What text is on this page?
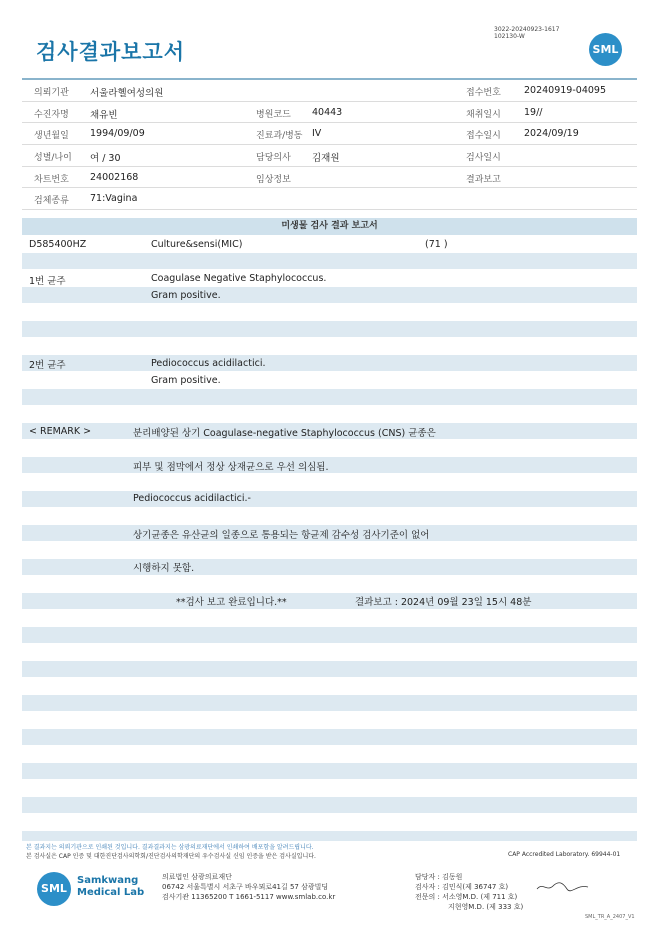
검사결과보고서
3022-20240923-1617
102130-W
SML
의뢰기관 서울라헬여성의원	접수번호 20240919-04095
수진자명 채유빈	병원코드 40443	채취일시 19//
생년월일 1994/09/09	진료과/병동 IV	접수일시 2024/09/19
성별/나이 여 / 30	담당의사 김재원	검사일시
차트번호 24002168	임상정보	결과보고
검체종류 71:Vagina
미생물 검사 결과 보고서
D585400HZ	Culture&sensi(MIC)	(71 )
1번 균주	Coagulase Negative Staphylococcus.
Gram positive.
2번 균주	Pediococcus acidilactici.
Gram positive.
< REMARK >	분리배양된 상기 Coagulase-negative Staphylococcus (CNS) 균종은
피부 및 점막에서 정상 상재균으로 우선 의심됨.
Pediococcus acidilactici.-
상기균종은 유산균의 일종으로 통용되는 항균제 감수성 검사기준이 없어
시행하지 못함.
**검사 보고 완료입니다.**	결과보고 : 2024년 09월 23일 15시 48분
본 결과지는 의뢰기관으로 인쇄된 것입니다. 결과결과지는 삼광의료재단에서 인쇄하여 배포함을 알려드립니다.
본 검사실은 CAP 인증 및 대한진단검사의학회/진단검사의학재단의 우수검사실 신임 인증을 받은 검사실입니다.	CAP Accredited Laboratory. 69944-01
SML
Samkwang
Medical Lab
의료법인 삼광의료재단
06742 서울특별시 서초구 바우뫼로41길 57 삼광빌딩
검사기관 11365200 T 1661-5117 www.smlab.co.kr
담당자 : 김동원
검사자 : 김민식(제 36747 호)
전문의 : 서소영M.D. (제 711 호)
지현영M.D. (제 333 호)
SML_TR_A_2407_V1
